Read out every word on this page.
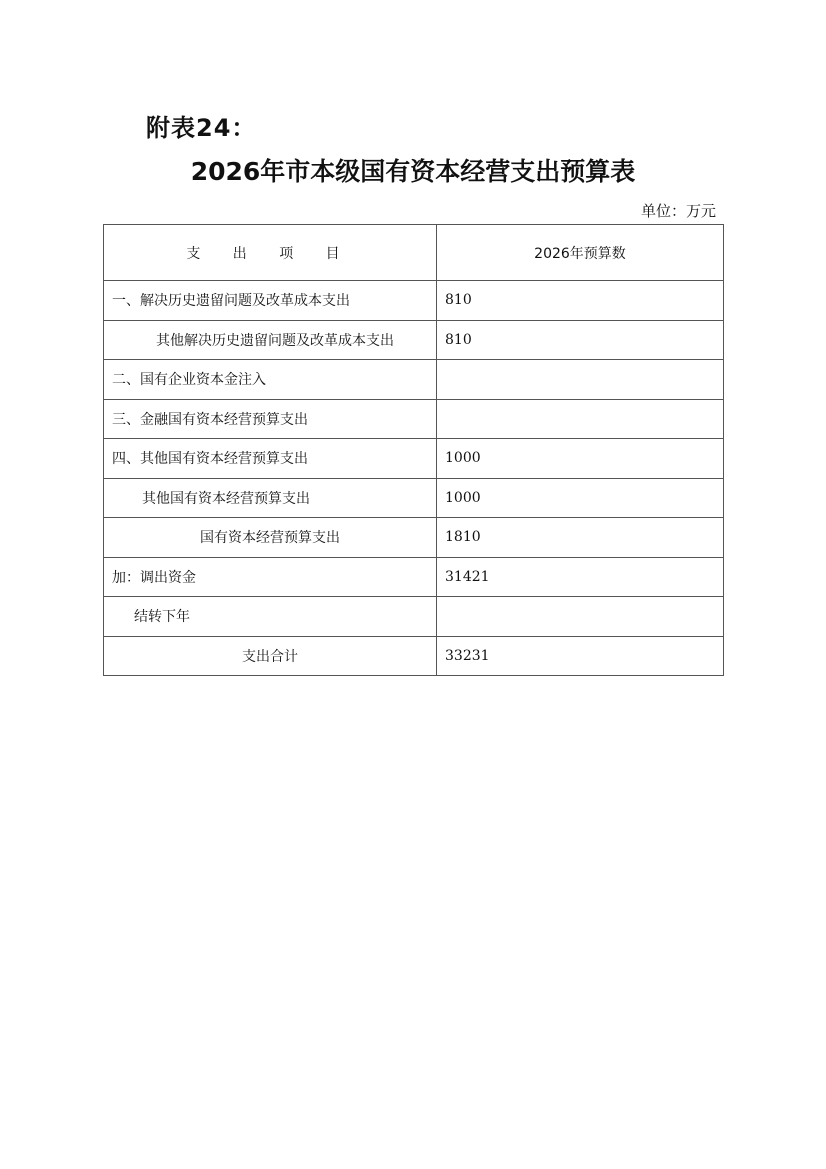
附表24：
2026年市本级国有资本经营支出预算表
单位：万元
支 出 项 目	2026年预算数
一、解决历史遗留问题及改革成本支出	810
其他解决历史遗留问题及改革成本支出	810
二、国有企业资本金注入	
三、金融国有资本经营预算支出	
四、其他国有资本经营预算支出	1000
其他国有资本经营预算支出	1000
国有资本经营预算支出	1810
加：调出资金	31421
结转下年	
支出合计	33231
